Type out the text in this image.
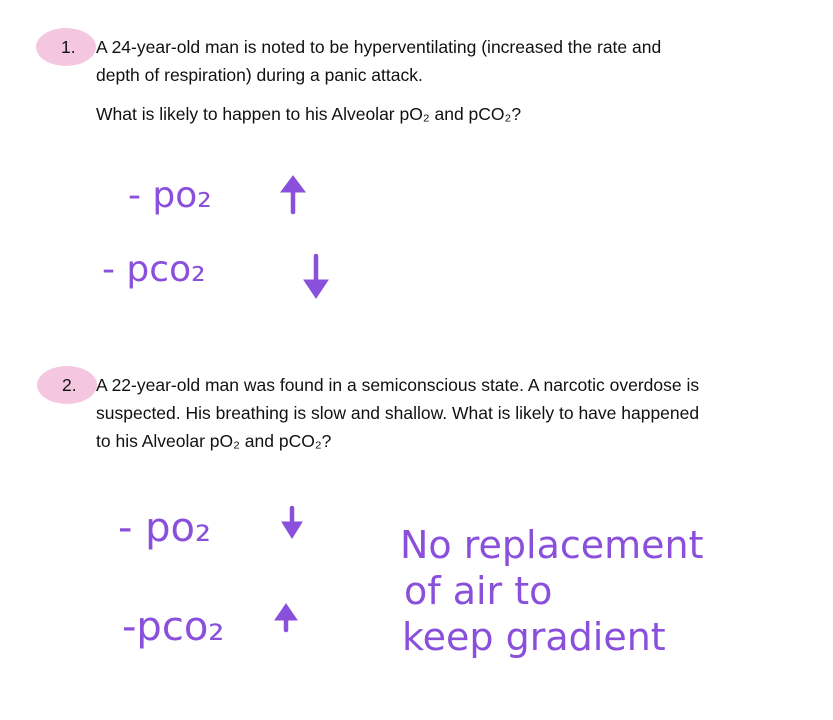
1. A 24-year-old man is noted to be hyperventilating (increased the rate and

depth of respiration) during a panic attack.

What is likely to happen to his Alveolar pO₂ and pCO₂?

2. A 22-year-old man was found in a semiconscious state. A narcotic overdose is

suspected. His breathing is slow and shallow. What is likely to have happened

to his Alveolar pO₂ and pCO₂?

- po₂
- pco₂
- po₂
-pco₂
No replacement
of air to
keep gradient
